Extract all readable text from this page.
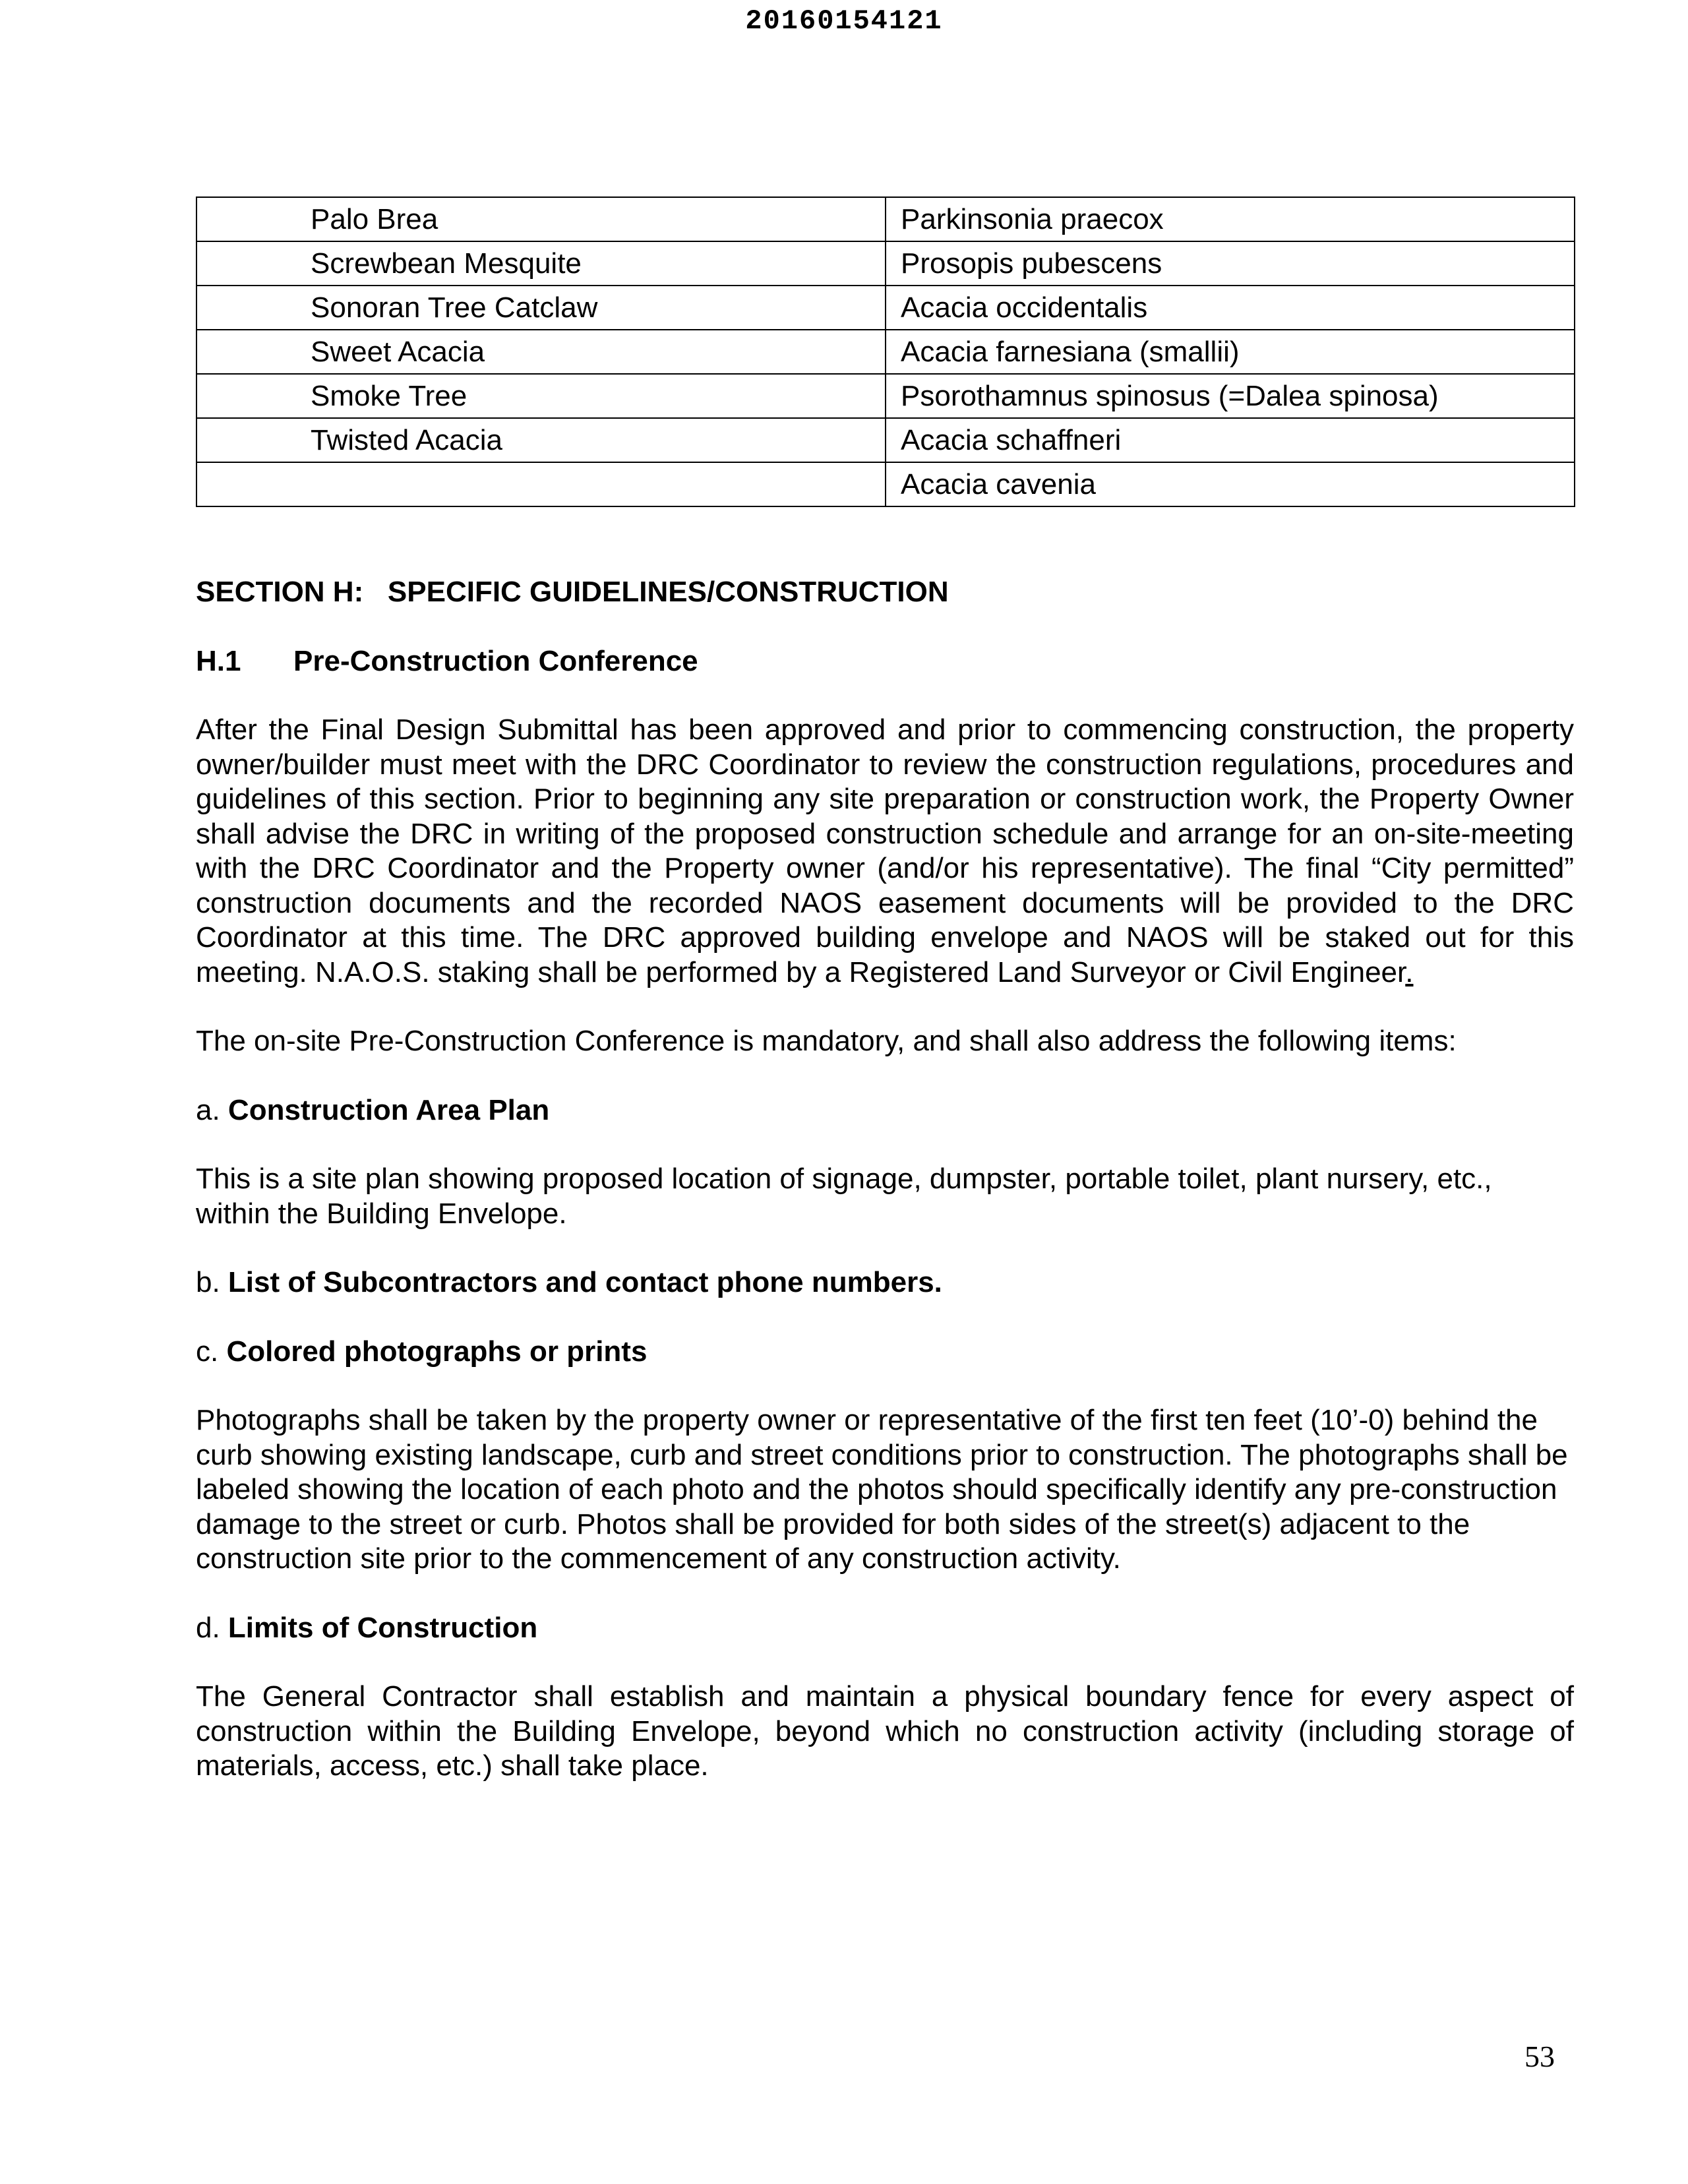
20160154121
Palo Brea	Parkinsonia praecox
Screwbean Mesquite	Prosopis pubescens
Sonoran Tree Catclaw	Acacia occidentalis
Sweet Acacia	Acacia farnesiana (smallii)
Smoke Tree	Psorothamnus spinosus (=Dalea spinosa)
Twisted Acacia	Acacia schaffneri
	Acacia cavenia

SECTION H:   SPECIFIC GUIDELINES/CONSTRUCTION

H.1 Pre-Construction Conference

After the Final Design Submittal has been approved and prior to commencing construction, the property owner/builder must meet with the DRC Coordinator to review the construction regulations, procedures and guidelines of this section. Prior to beginning any site preparation or construction work, the Property Owner shall advise the DRC in writing of the proposed construction schedule and arrange for an on-site-meeting with the DRC Coordinator and the Property owner (and/or his representative). The final “City permitted” construction documents and the recorded NAOS easement documents will be provided to the DRC Coordinator at this time. The DRC approved building envelope and NAOS will be staked out for this meeting. N.A.O.S. staking shall be performed by a Registered Land Surveyor or Civil Engineer.

The on-site Pre-Construction Conference is mandatory, and shall also address the following items:

a. Construction Area Plan

This is a site plan showing proposed location of signage, dumpster, portable toilet, plant nursery, etc., within the Building Envelope.

b. List of Subcontractors and contact phone numbers.

c. Colored photographs or prints

Photographs shall be taken by the property owner or representative of the first ten feet (10’-0) behind the curb showing existing landscape, curb and street conditions prior to construction. The photographs shall be labeled showing the location of each photo and the photos should specifically identify any pre-construction damage to the street or curb. Photos shall be provided for both sides of the street(s) adjacent to the construction site prior to the commencement of any construction activity.

d. Limits of Construction

The General Contractor shall establish and maintain a physical boundary fence for every aspect of construction within the Building Envelope, beyond which no construction activity (including storage of materials, access, etc.) shall take place.

53
